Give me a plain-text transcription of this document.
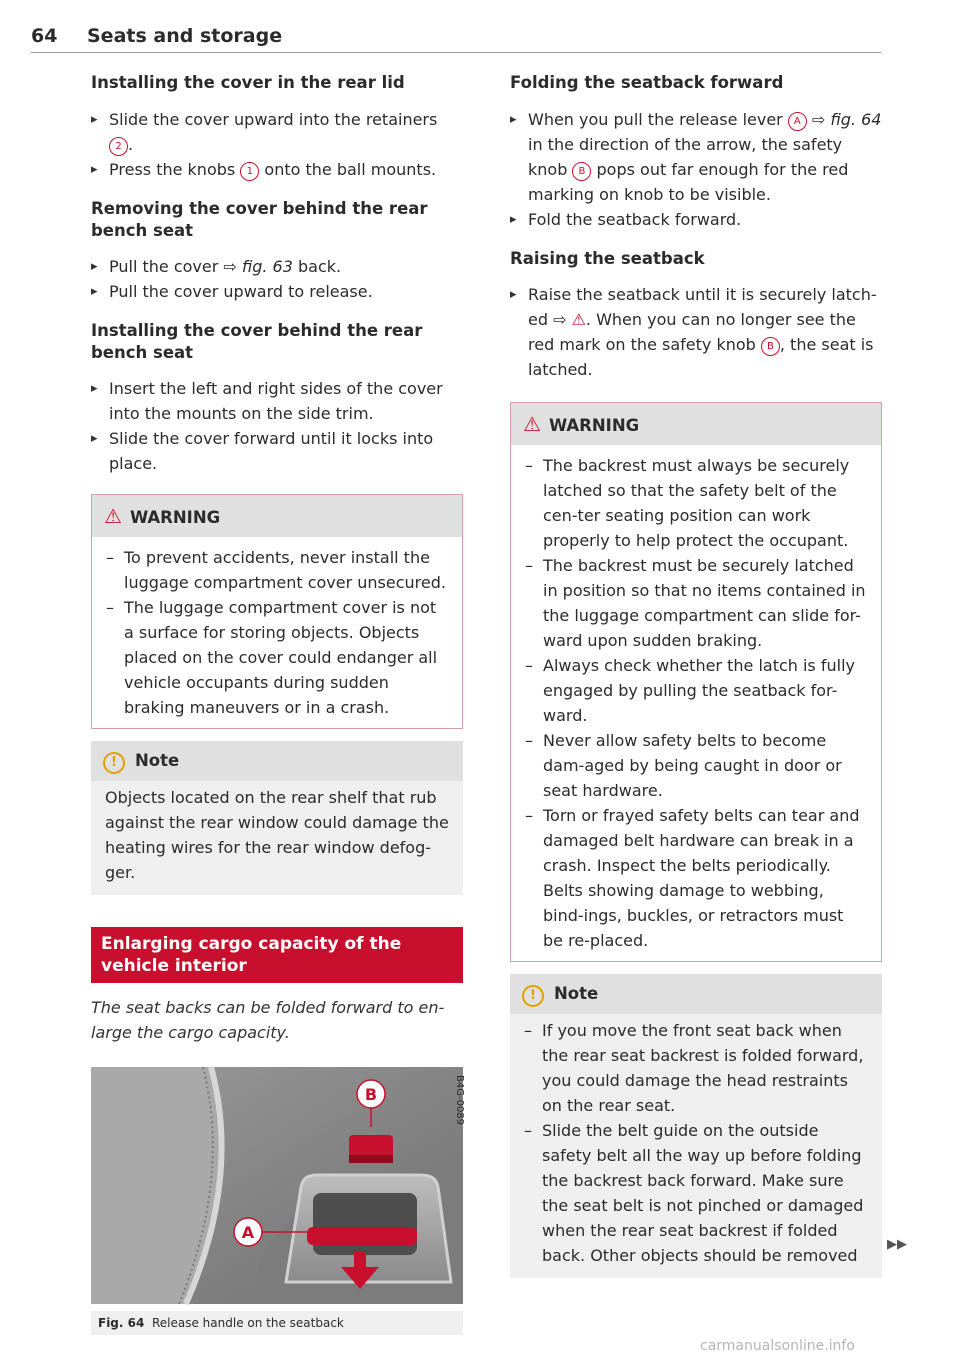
64 Seats and storage
Installing the cover in the rear lid
▸ Slide the cover upward into the retainers
2 .
▸ Press the knobs 1 onto the ball mounts.
Removing the cover behind the rear bench seat
▸ Pull the cover ⇨ fig. 63 back.
▸ Pull the cover upward to release.
Installing the cover behind the rear bench seat
▸ Insert the left and right sides of the cover into the mounts on the side trim.
▸ Slide the cover forward until it locks into place.
⚠ WARNING
– To prevent accidents, never install the luggage compartment cover unsecured.
– The luggage compartment cover is not a surface for storing objects. Objects placed on the cover could endanger all vehicle occupants during sudden braking maneuvers or in a crash.
! Note
Objects located on the rear shelf that rub against the rear window could damage the heating wires for the rear window defog-ger.
Enlarging cargo capacity of the vehicle interior
The seat backs can be folded forward to en-large the cargo capacity.
B
A
B4G-0089
Fig. 64 Release handle on the seatback
Folding the seatback forward
▸ When you pull the release lever A ⇨ fig. 64 in the direction of the arrow, the safety knob B pops out far enough for the red marking on knob to be visible.
▸ Fold the seatback forward.
Raising the seatback
▸ Raise the seatback until it is securely latch-ed ⇨ ⚠. When you can no longer see the red mark on the safety knob B , the seat is latched.
⚠ WARNING
– The backrest must always be securely latched so that the safety belt of the cen-ter seating position can work properly to help protect the occupant.
– The backrest must be securely latched in position so that no items contained in the luggage compartment can slide for-ward upon sudden braking.
– Always check whether the latch is fully engaged by pulling the seatback for-ward.
– Never allow safety belts to become dam-aged by being caught in door or seat hardware.
– Torn or frayed safety belts can tear and damaged belt hardware can break in a crash. Inspect the belts periodically. Belts showing damage to webbing, bind-ings, buckles, or retractors must be re-placed.
! Note
– If you move the front seat back when the rear seat backrest is folded forward, you could damage the head restraints on the rear seat.
– Slide the belt guide on the outside safety belt all the way up before folding the backrest back forward. Make sure the seat belt is not pinched or damaged when the rear seat backrest if folded back. Other objects should be removed
▶▶
carmanualsonline.info
